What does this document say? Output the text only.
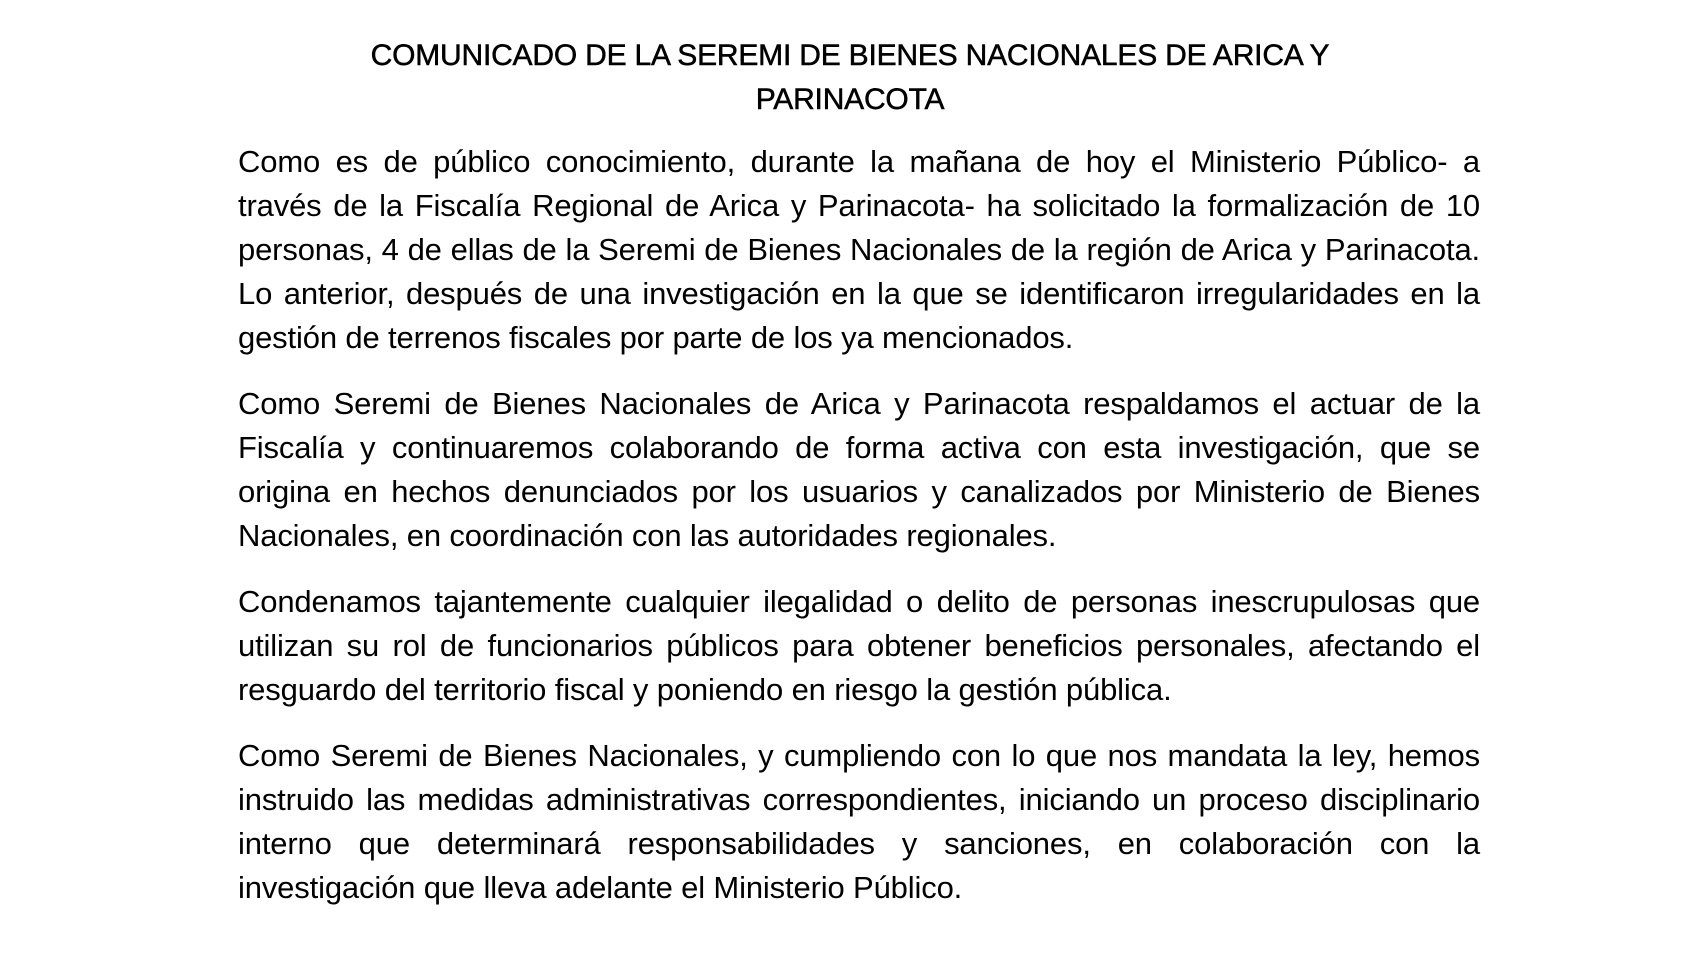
COMUNICADO DE LA SEREMI DE BIENES NACIONALES DE ARICA Y PARINACOTA

Como es de público conocimiento, durante la mañana de hoy el Ministerio Público- a través de la Fiscalía Regional de Arica y Parinacota- ha solicitado la formalización de 10 personas, 4 de ellas de la Seremi de Bienes Nacionales de la región de Arica y Parinacota. Lo anterior, después de una investigación en la que se identificaron irregularidades en la gestión de terrenos fiscales por parte de los ya mencionados.

Como Seremi de Bienes Nacionales de Arica y Parinacota respaldamos el actuar de la Fiscalía y continuaremos colaborando de forma activa con esta investigación, que se origina en hechos denunciados por los usuarios y canalizados por Ministerio de Bienes Nacionales, en coordinación con las autoridades regionales.

Condenamos tajantemente cualquier ilegalidad o delito de personas inescrupulosas que utilizan su rol de funcionarios públicos para obtener beneficios personales, afectando el resguardo del territorio fiscal y poniendo en riesgo la gestión pública.

Como Seremi de Bienes Nacionales, y cumpliendo con lo que nos mandata la ley, hemos instruido las medidas administrativas correspondientes, iniciando un proceso disciplinario interno que determinará responsabilidades y sanciones, en colaboración con la investigación que lleva adelante el Ministerio Público.
